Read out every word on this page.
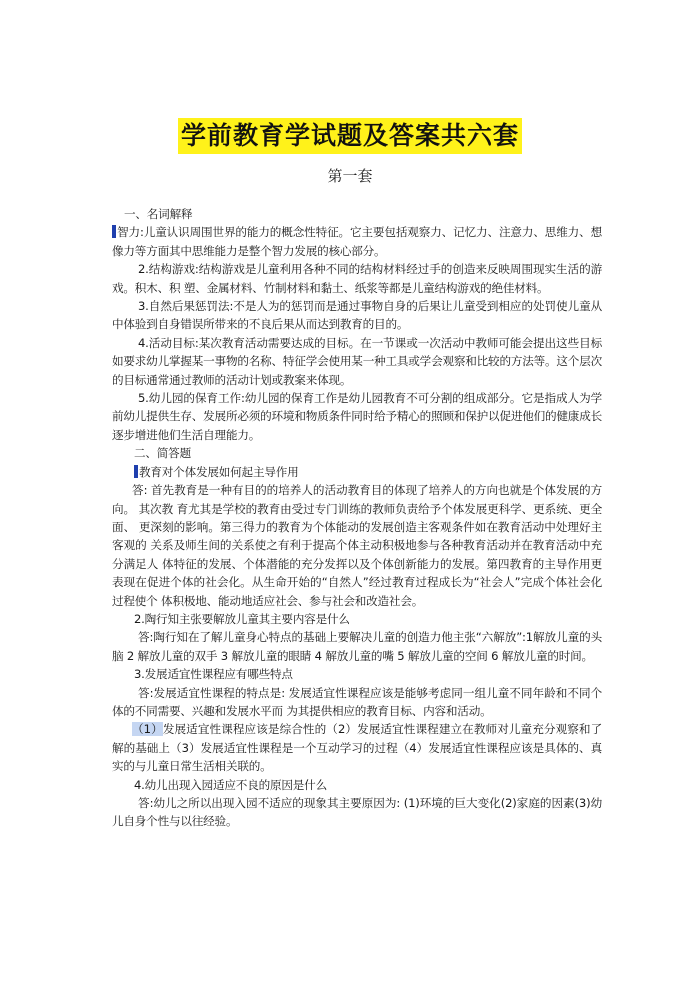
学前教育学试题及答案共六套
第一套

一、名词解释

智力:儿童认识周围世界的能力的概念性特征。它主要包括观察力、记忆力、注意力、思维力、想像力等方面其中思维能力是整个智力发展的核心部分。

2.结构游戏:结构游戏是儿童利用各种不同的结构材料经过手的创造来反映周围现实生活的游戏。积木、积 塑、金属材料、竹制材料和黏土、纸浆等都是儿童结构游戏的绝佳材料。

3.自然后果惩罚法:不是人为的惩罚而是通过事物自身的后果让儿童受到相应的处罚使儿童从中体验到自身错误所带来的不良后果从而达到教育的目的。

4.活动目标:某次教育活动需要达成的目标。在一节课或一次活动中教师可能会提出这些目标如要求幼儿掌握某一事物的名称、特征学会使用某一种工具或学会观察和比较的方法等。这个层次的目标通常通过教师的活动计划或教案来体现。

5.幼儿园的保育工作:幼儿园的保育工作是幼儿园教育不可分割的组成部分。它是指成人为学前幼儿提供生存、发展所必须的环境和物质条件同时给予精心的照顾和保护以促进他们的健康成长逐步增进他们生活自理能力。

二、简答题

教育对个体发展如何起主导作用

答: 首先教育是一种有目的的培养人的活动教育目的体现了培养人的方向也就是个体发展的方向。 其次教 育尤其是学校的教育由受过专门训练的教师负责给予个体发展更科学、更系统、更全面、 更深刻的影响。第三得力的教育为个体能动的发展创造主客观条件如在教育活动中处理好主客观的 关系及师生间的关系使之有利于提高个体主动积极地参与各种教育活动并在教育活动中充分满足人 体特征的发展、个体潜能的充分发挥以及个体创新能力的发展。第四教育的主导作用更表现在促进个体的社会化。从生命开始的“自然人”经过教育过程成长为“社会人”完成个体社会化过程使个 体积极地、能动地适应社会、参与社会和改造社会。

2.陶行知主张要解放儿童其主要内容是什么

答:陶行知在了解儿童身心特点的基础上要解决儿童的创造力他主张“六解放”:1解放儿童的头脑 2 解放儿童的双手 3 解放儿童的眼睛 4 解放儿童的嘴 5 解放儿童的空间 6 解放儿童的时间。

3.发展适宜性课程应有哪些特点

答:发展适宜性课程的特点是: 发展适宜性课程应该是能够考虑同一组儿童不同年龄和不同个体的不同需要、兴趣和发展水平而 为其提供相应的教育目标、内容和活动。

（1）发展适宜性课程应该是综合性的（2）发展适宜性课程建立在教师对儿童充分观察和了解的基础上（3）发展适宜性课程是一个互动学习的过程（4）发展适宜性课程应该是具体的、真实的与儿童日常生活相关联的。

4.幼儿出现入园适应不良的原因是什么

答:幼儿之所以出现入园不适应的现象其主要原因为: (1)环境的巨大变化(2)家庭的因素(3)幼儿自身个性与以往经验。
